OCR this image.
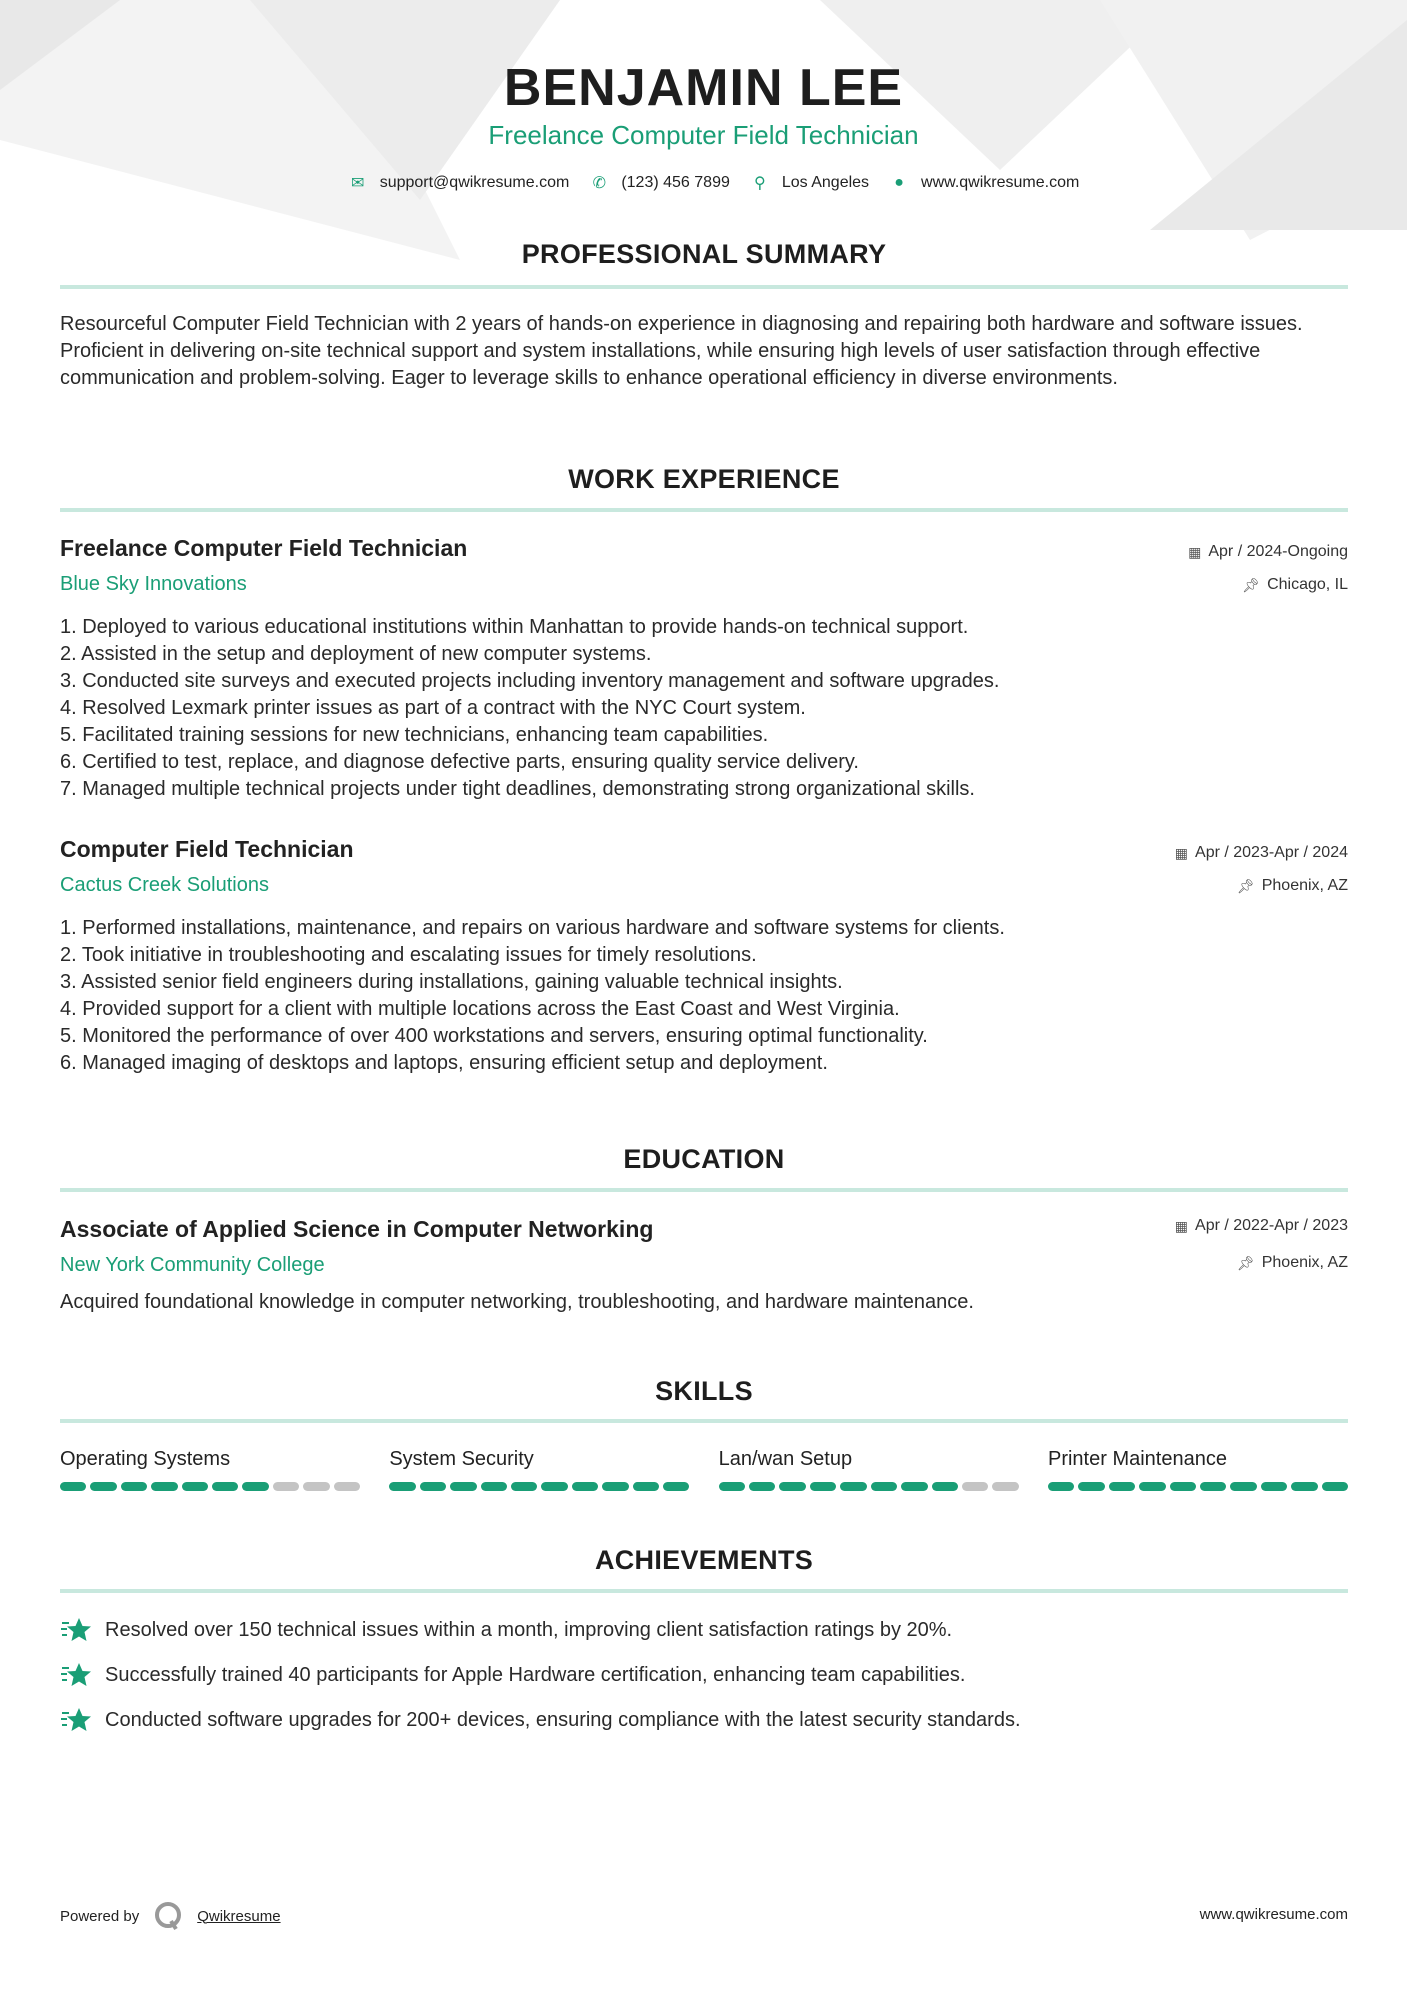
BENJAMIN LEE
Freelance Computer Field Technician
✉ support@qwikresume.com ✆ (123) 456 7899 ⚲ Los Angeles ● www.qwikresume.com
PROFESSIONAL SUMMARY
Resourceful Computer Field Technician with 2 years of hands-on experience in diagnosing and repairing both hardware and software issues. Proficient in delivering on-site technical support and system installations, while ensuring high levels of user satisfaction through effective communication and problem-solving. Eager to leverage skills to enhance operational efficiency in diverse environments.
WORK EXPERIENCE
Freelance Computer Field Technician	▦ Apr / 2024-Ongoing
Blue Sky Innovations	📌︎ Chicago, IL
1. Deployed to various educational institutions within Manhattan to provide hands-on technical support.
2. Assisted in the setup and deployment of new computer systems.
3. Conducted site surveys and executed projects including inventory management and software upgrades.
4. Resolved Lexmark printer issues as part of a contract with the NYC Court system.
5. Facilitated training sessions for new technicians, enhancing team capabilities.
6. Certified to test, replace, and diagnose defective parts, ensuring quality service delivery.
7. Managed multiple technical projects under tight deadlines, demonstrating strong organizational skills.
Computer Field Technician	▦ Apr / 2023-Apr / 2024
Cactus Creek Solutions	📌︎ Phoenix, AZ
1. Performed installations, maintenance, and repairs on various hardware and software systems for clients.
2. Took initiative in troubleshooting and escalating issues for timely resolutions.
3. Assisted senior field engineers during installations, gaining valuable technical insights.
4. Provided support for a client with multiple locations across the East Coast and West Virginia.
5. Monitored the performance of over 400 workstations and servers, ensuring optimal functionality.
6. Managed imaging of desktops and laptops, ensuring efficient setup and deployment.
EDUCATION
Associate of Applied Science in Computer Networking	▦ Apr / 2022-Apr / 2023
New York Community College	📌︎ Phoenix, AZ
Acquired foundational knowledge in computer networking, troubleshooting, and hardware maintenance.
SKILLS
Operating Systems	System Security	Lan/wan Setup	Printer Maintenance
ACHIEVEMENTS
Resolved over 150 technical issues within a month, improving client satisfaction ratings by 20%.
Successfully trained 40 participants for Apple Hardware certification, enhancing team capabilities.
Conducted software upgrades for 200+ devices, ensuring compliance with the latest security standards.
Powered by	Qwikresume	www.qwikresume.com
